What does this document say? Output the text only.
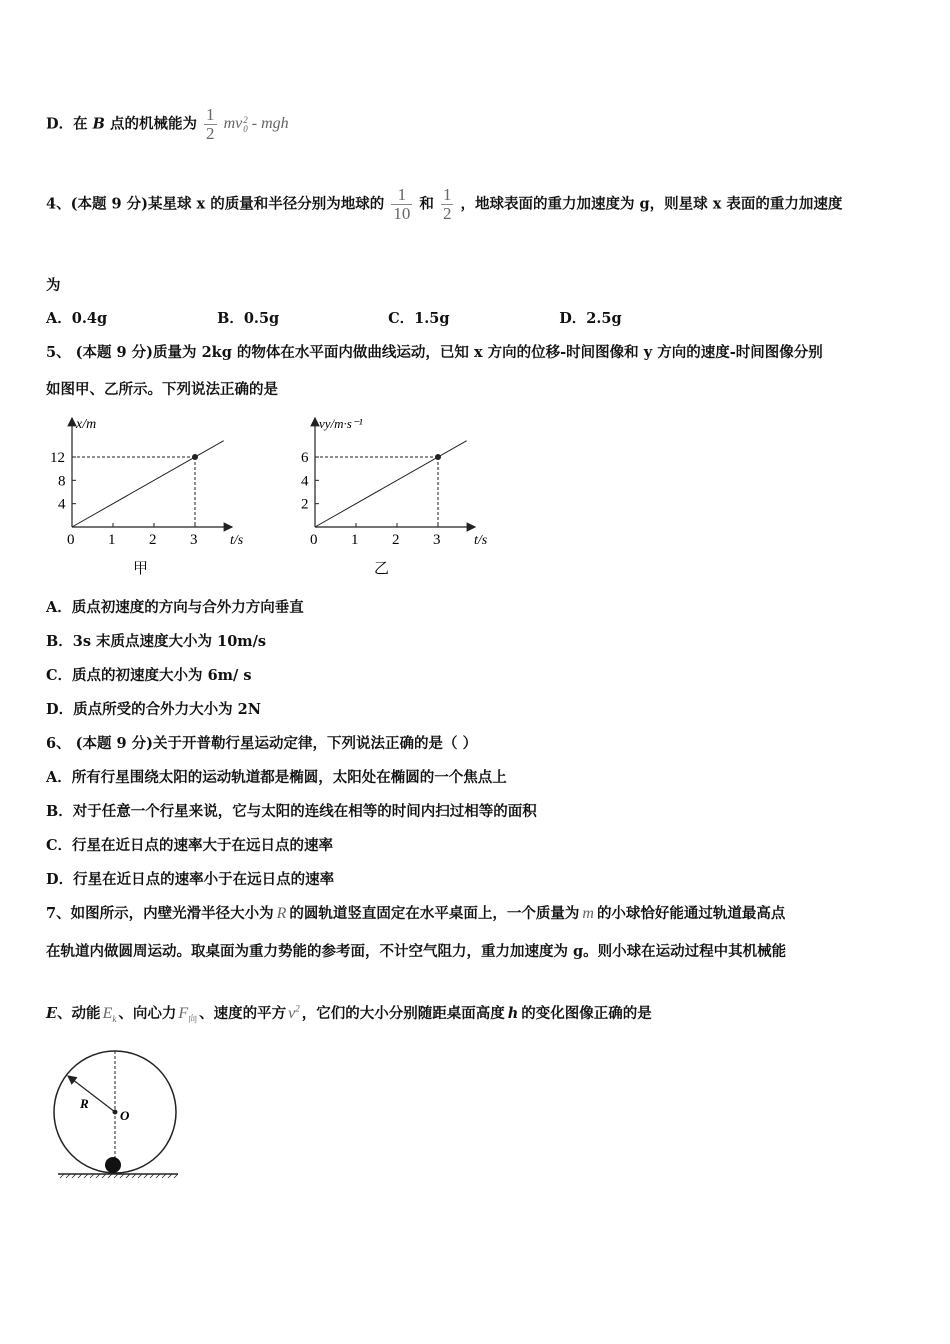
D．在 B 点的机械能为 $\frac{1}{2}$ mv 2
0 - mgh
4、(本题 9 分)某星球 x 的质量和半径分别为地球的 $\frac{1}{10}$ 和 $\frac{1}{2}$ ，地球表面的重力加速度为 g，则星球 x 表面的重力加速度
为
A．0.4g	B．0.5g	C．1.5g	D．2.5g
5、 (本题 9 分)质量为 2kg 的物体在水平面内做曲线运动，已知 x 方向的位移-时间图像和 y 方向的速度-时间图像分别
如图甲、乙所示。下列说法正确的是
x/m
t/s
0 1 2 3
4
8
12
甲
vy/m·s⁻¹
t/s
0 1 2 3
2
4
6
乙
A．质点初速度的方向与合外力方向垂直
B．3s 末质点速度大小为 10m/s
C．质点的初速度大小为 6m/ s
D．质点所受的合外力大小为 2N
6、 (本题 9 分)关于开普勒行星运动定律，下列说法正确的是（ ）
A．所有行星围绕太阳的运动轨道都是椭圆，太阳处在椭圆的一个焦点上
B．对于任意一个行星来说，它与太阳的连线在相等的时间内扫过相等的面积
C．行星在近日点的速率大于在远日点的速率
D．行星在近日点的速率小于在远日点的速率
7、如图所示，内壁光滑半径大小为 R 的圆轨道竖直固定在水平桌面上，一个质量为 m 的小球恰好能通过轨道最高点
在轨道内做圆周运动。取桌面为重力势能的参考面，不计空气阻力，重力加速度为 g。则小球在运动过程中其机械能
E、动能 $E_k$ 、向心力 $F_向$ 、速度的平方 $v^2$ ，它们的大小分别随距桌面高度 h 的变化图像正确的是
R
O
